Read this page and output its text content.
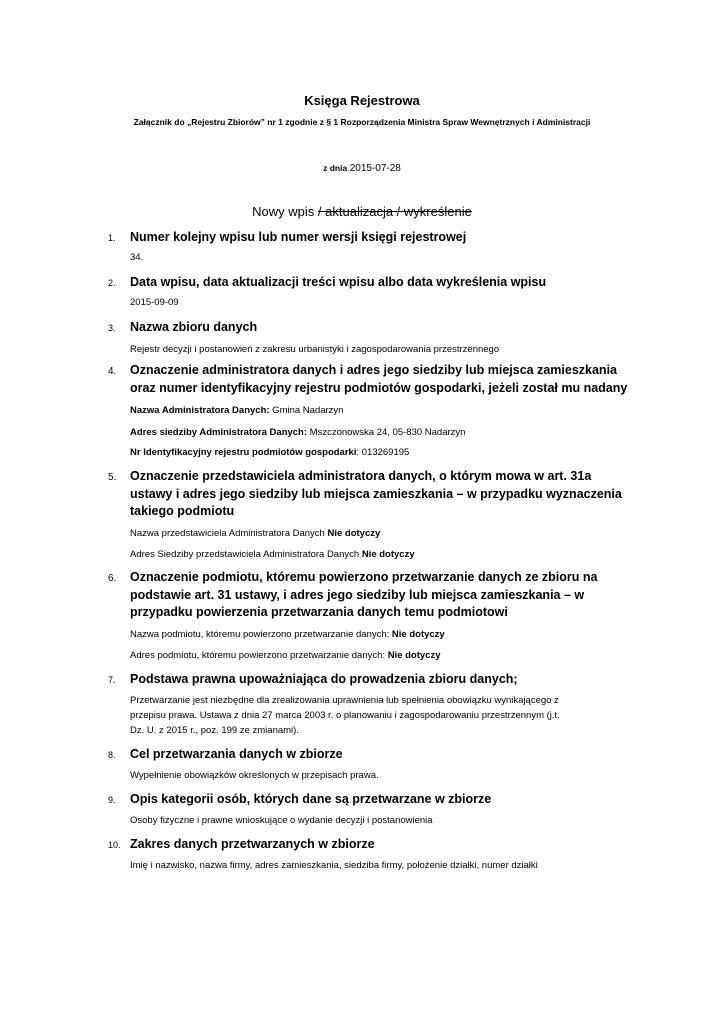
Księga Rejestrowa
Załącznik do „Rejestru Zbiorów” nr 1 zgodnie z § 1 Rozporządzenia Ministra Spraw Wewnętrznych i Administracji
z dnia 2015-07-28
Nowy wpis / aktualizacja / wykreślenie
1. Numer kolejny wpisu lub numer wersji księgi rejestrowej
34.
2. Data wpisu, data aktualizacji treści wpisu albo data wykreślenia wpisu
2015-09-09
3. Nazwa zbioru danych
Rejestr decyzji i postanowień z zakresu urbanistyki i zagospodarowania przestrzennego
4. Oznaczenie administratora danych i adres jego siedziby lub miejsca zamieszkania
oraz numer identyfikacyjny rejestru podmiotów gospodarki, jeżeli został mu nadany
Nazwa Administratora Danych: Gmina Nadarzyn
Adres siedziby Administratora Danych: Mszczonowska 24, 05-830 Nadarzyn
Nr Identyfikacyjny rejestru podmiotów gospodarki: 013269195
5. Oznaczenie przedstawiciela administratora danych, o którym mowa w art. 31a
ustawy i adres jego siedziby lub miejsca zamieszkania – w przypadku wyznaczenia
takiego podmiotu
Nazwa przedstawiciela Administratora Danych Nie dotyczy
Adres Siedziby przedstawiciela Administratora Danych Nie dotyczy
6. Oznaczenie podmiotu, któremu powierzono przetwarzanie danych ze zbioru na
podstawie art. 31 ustawy, i adres jego siedziby lub miejsca zamieszkania – w
przypadku powierzenia przetwarzania danych temu podmiotowi
Nazwa podmiotu, któremu powierzono przetwarzanie danych: Nie dotyczy
Adres podmiotu, któremu powierzono przetwarzanie danych: Nie dotyczy
7. Podstawa prawna upoważniająca do prowadzenia zbioru danych;
Przetwarzanie jest niezbędne dla zrealizowania uprawnienia lub spełnienia obowiązku wynikającego z
przepisu prawa. Ustawa z dnia 27 marca 2003 r. o planowaniu i zagospodarowaniu przestrzennym (j.t.
Dz. U. z 2015 r., poz. 199 ze zmianami).
8. Cel przetwarzania danych w zbiorze
Wypełnienie obowiązków określonych w przepisach prawa.
9. Opis kategorii osób, których dane są przetwarzane w zbiorze
Osoby fizyczne i prawne wnioskujące o wydanie decyzji i postanowienia
10. Zakres danych przetwarzanych w zbiorze
Imię i nazwisko, nazwa firmy, adres zamieszkania, siedziba firmy, położenie działki, numer działki
